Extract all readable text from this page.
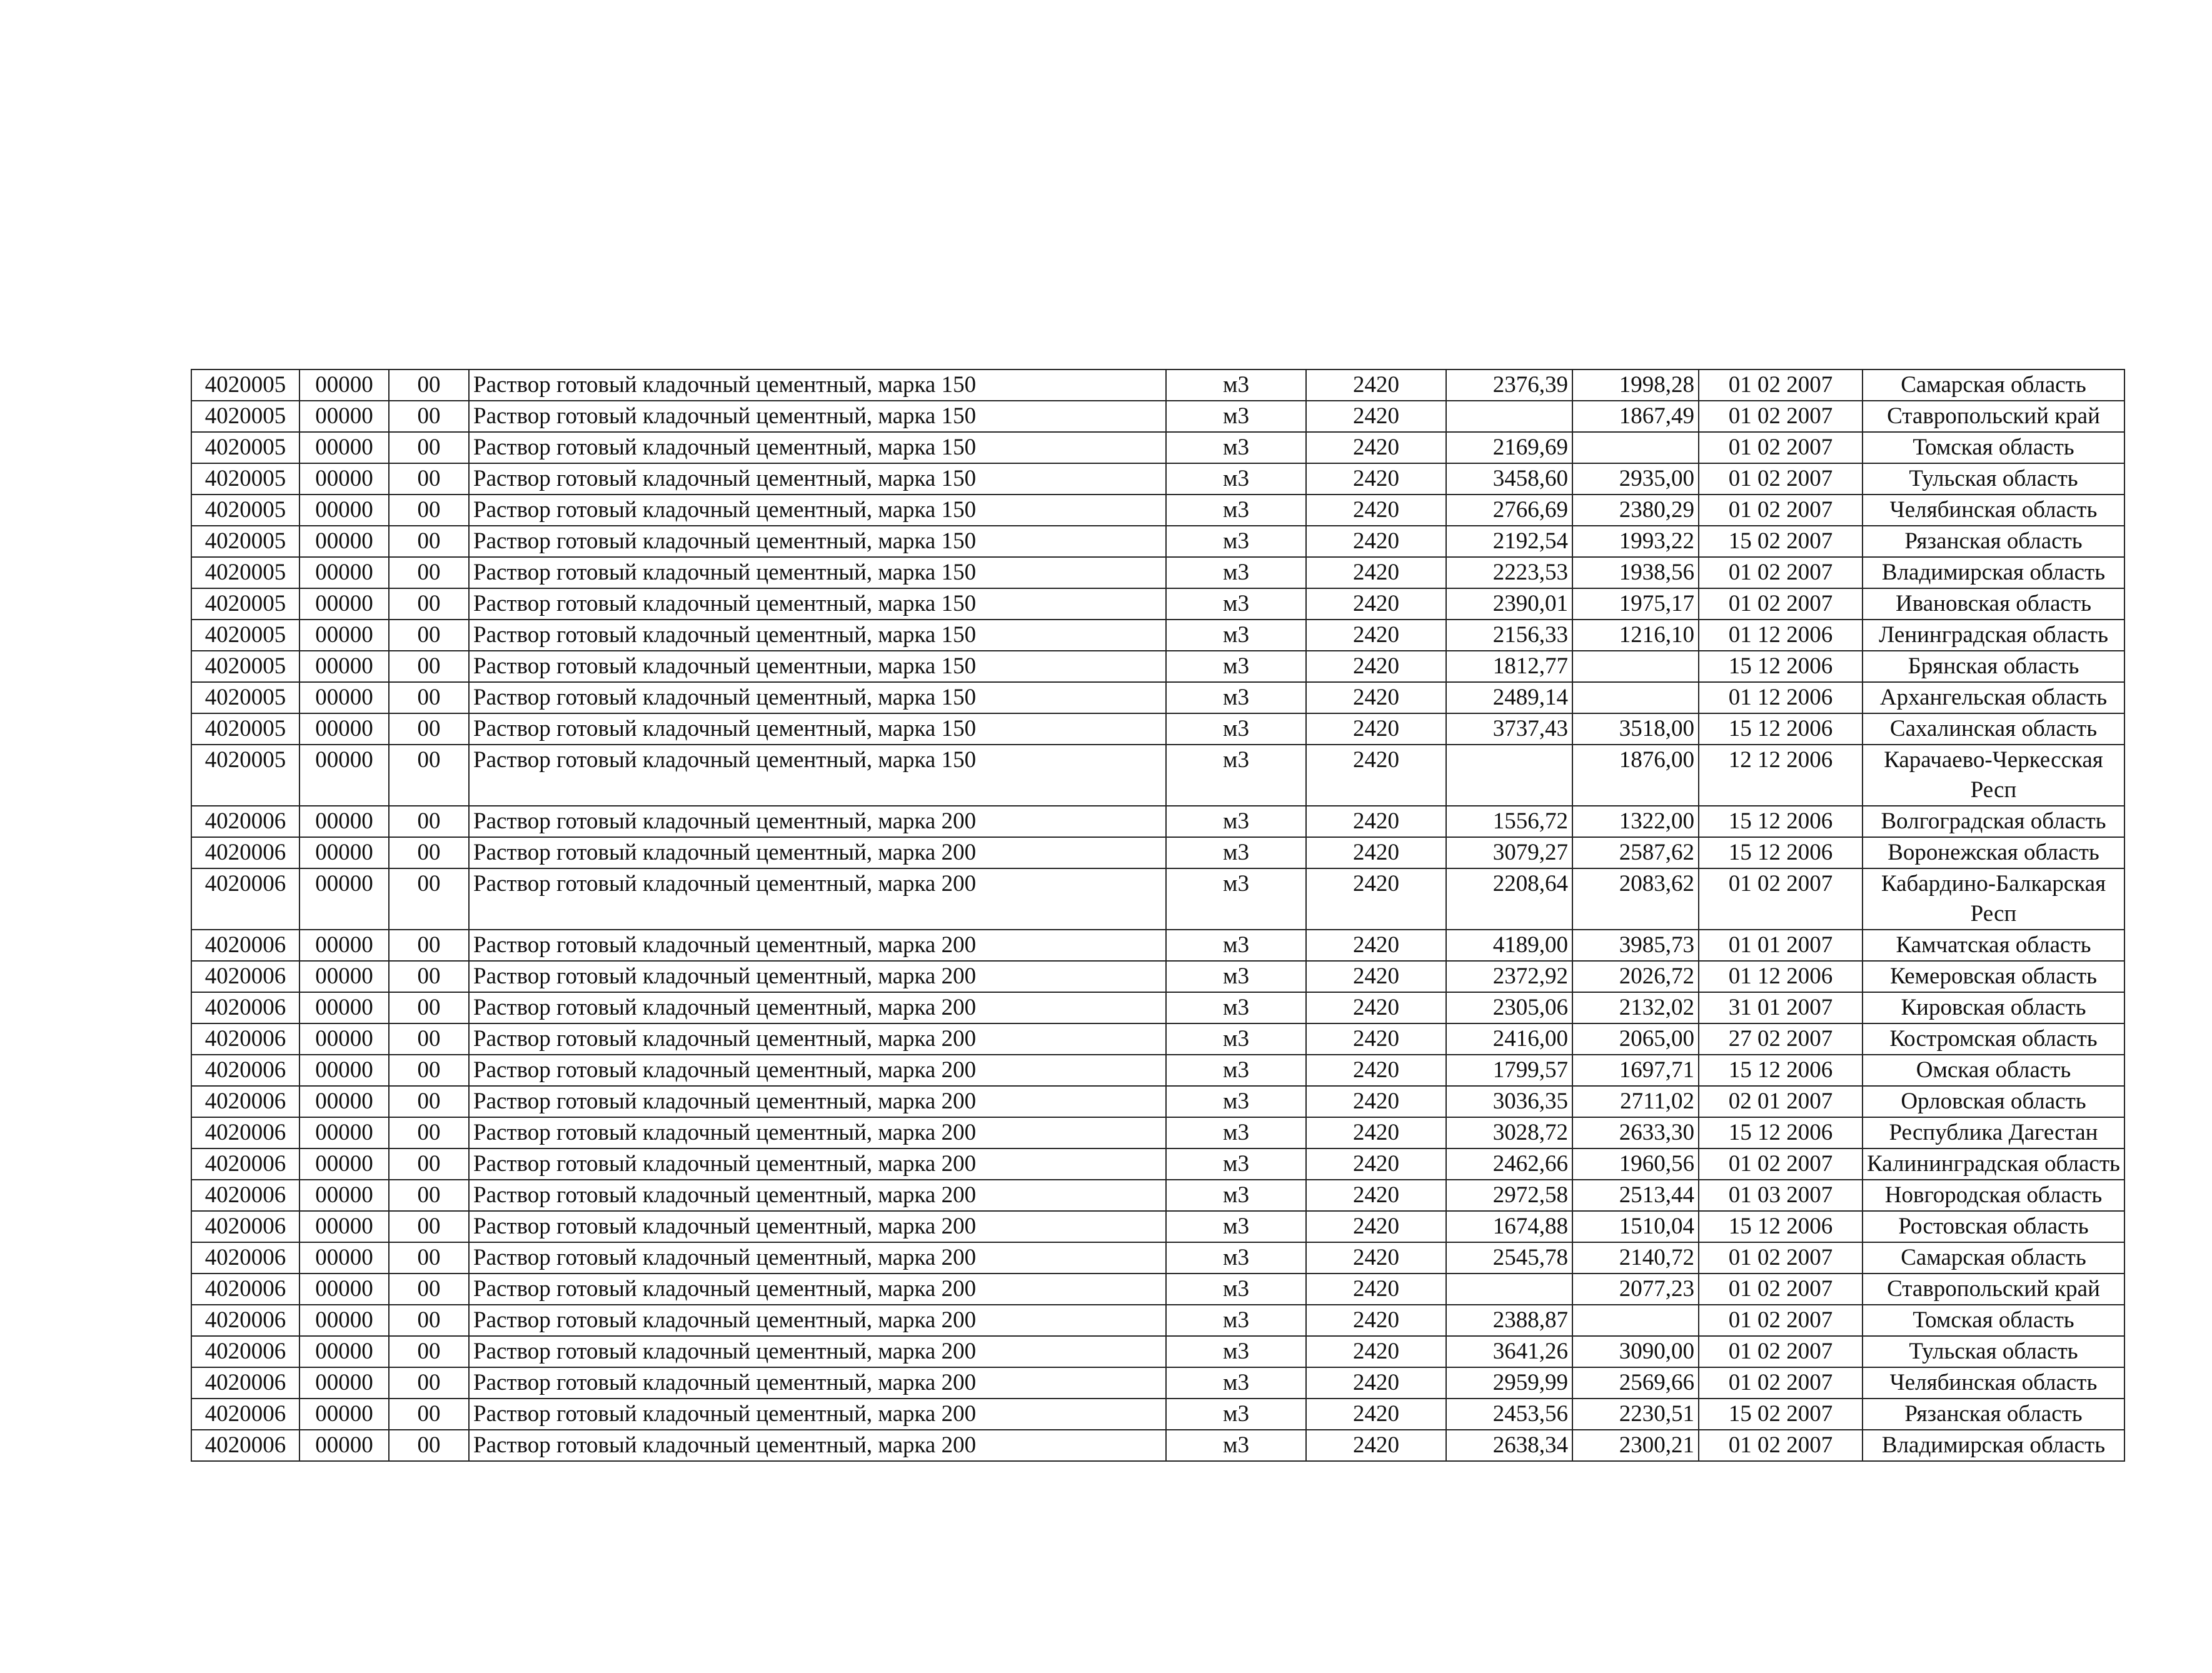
4020005	00000	00	Раствор готовый кладочный цементный, марка 150	м3	2420	2376,39	1998,28	01 02 2007	Самарская область
4020005	00000	00	Раствор готовый кладочный цементный, марка 150	м3	2420		1867,49	01 02 2007	Ставропольский край
4020005	00000	00	Раствор готовый кладочный цементный, марка 150	м3	2420	2169,69		01 02 2007	Томская область
4020005	00000	00	Раствор готовый кладочный цементный, марка 150	м3	2420	3458,60	2935,00	01 02 2007	Тульская область
4020005	00000	00	Раствор готовый кладочный цементный, марка 150	м3	2420	2766,69	2380,29	01 02 2007	Челябинская область
4020005	00000	00	Раствор готовый кладочный цементный, марка 150	м3	2420	2192,54	1993,22	15 02 2007	Рязанская область
4020005	00000	00	Раствор готовый кладочный цементный, марка 150	м3	2420	2223,53	1938,56	01 02 2007	Владимирская область
4020005	00000	00	Раствор готовый кладочный цементный, марка 150	м3	2420	2390,01	1975,17	01 02 2007	Ивановская область
4020005	00000	00	Раствор готовый кладочный цементный, марка 150	м3	2420	2156,33	1216,10	01 12 2006	Ленинградская область
4020005	00000	00	Раствор готовый кладочный цементныи, марка 150	м3	2420	1812,77		15 12 2006	Брянская область
4020005	00000	00	Раствор готовый кладочный цементный, марка 150	м3	2420	2489,14		01 12 2006	Архангельская область
4020005	00000	00	Раствор готовый кладочный цементный, марка 150	м3	2420	3737,43	3518,00	15 12 2006	Сахалинская область
4020005	00000	00	Раствор готовый кладочный цементный, марка 150	м3	2420		1876,00	12 12 2006	Карачаево-Черкесская Респ
4020006	00000	00	Раствор готовый кладочный цементный, марка 200	м3	2420	1556,72	1322,00	15 12 2006	Волгоградская область
4020006	00000	00	Раствор готовый кладочный цементный, марка 200	м3	2420	3079,27	2587,62	15 12 2006	Воронежская область
4020006	00000	00	Раствор готовый кладочный цементный, марка 200	м3	2420	2208,64	2083,62	01 02 2007	Кабардино-Балкарская Респ
4020006	00000	00	Раствор готовый кладочный цементный, марка 200	м3	2420	4189,00	3985,73	01 01 2007	Камчатская область
4020006	00000	00	Раствор готовый кладочный цементный, марка 200	м3	2420	2372,92	2026,72	01 12 2006	Кемеровская область
4020006	00000	00	Раствор готовый кладочный цементный, марка 200	м3	2420	2305,06	2132,02	31 01 2007	Кировская область
4020006	00000	00	Раствор готовый кладочный цементный, марка 200	м3	2420	2416,00	2065,00	27 02 2007	Костромская область
4020006	00000	00	Раствор готовый кладочный цементный, марка 200	м3	2420	1799,57	1697,71	15 12 2006	Омская область
4020006	00000	00	Раствор готовый кладочный цементный, марка 200	м3	2420	3036,35	2711,02	02 01 2007	Орловская область
4020006	00000	00	Раствор готовый кладочный цементный, марка 200	м3	2420	3028,72	2633,30	15 12 2006	Республика Дагестан
4020006	00000	00	Раствор готовый кладочный цементный, марка 200	м3	2420	2462,66	1960,56	01 02 2007	Калининградская область
4020006	00000	00	Раствор готовый кладочный цементный, марка 200	м3	2420	2972,58	2513,44	01 03 2007	Новгородская область
4020006	00000	00	Раствор готовый кладочный цементный, марка 200	м3	2420	1674,88	1510,04	15 12 2006	Ростовская область
4020006	00000	00	Раствор готовый кладочный цементный, марка 200	м3	2420	2545,78	2140,72	01 02 2007	Самарская область
4020006	00000	00	Раствор готовый кладочный цементный, марка 200	м3	2420		2077,23	01 02 2007	Ставропольский край
4020006	00000	00	Раствор готовый кладочный цементный, марка 200	м3	2420	2388,87		01 02 2007	Томская область
4020006	00000	00	Раствор готовый кладочный цементный, марка 200	м3	2420	3641,26	3090,00	01 02 2007	Тульская область
4020006	00000	00	Раствор готовый кладочный цементный, марка 200	м3	2420	2959,99	2569,66	01 02 2007	Челябинская область
4020006	00000	00	Раствор готовый кладочный цементный, марка 200	м3	2420	2453,56	2230,51	15 02 2007	Рязанская область
4020006	00000	00	Раствор готовый кладочный цементный, марка 200	м3	2420	2638,34	2300,21	01 02 2007	Владимирская область
